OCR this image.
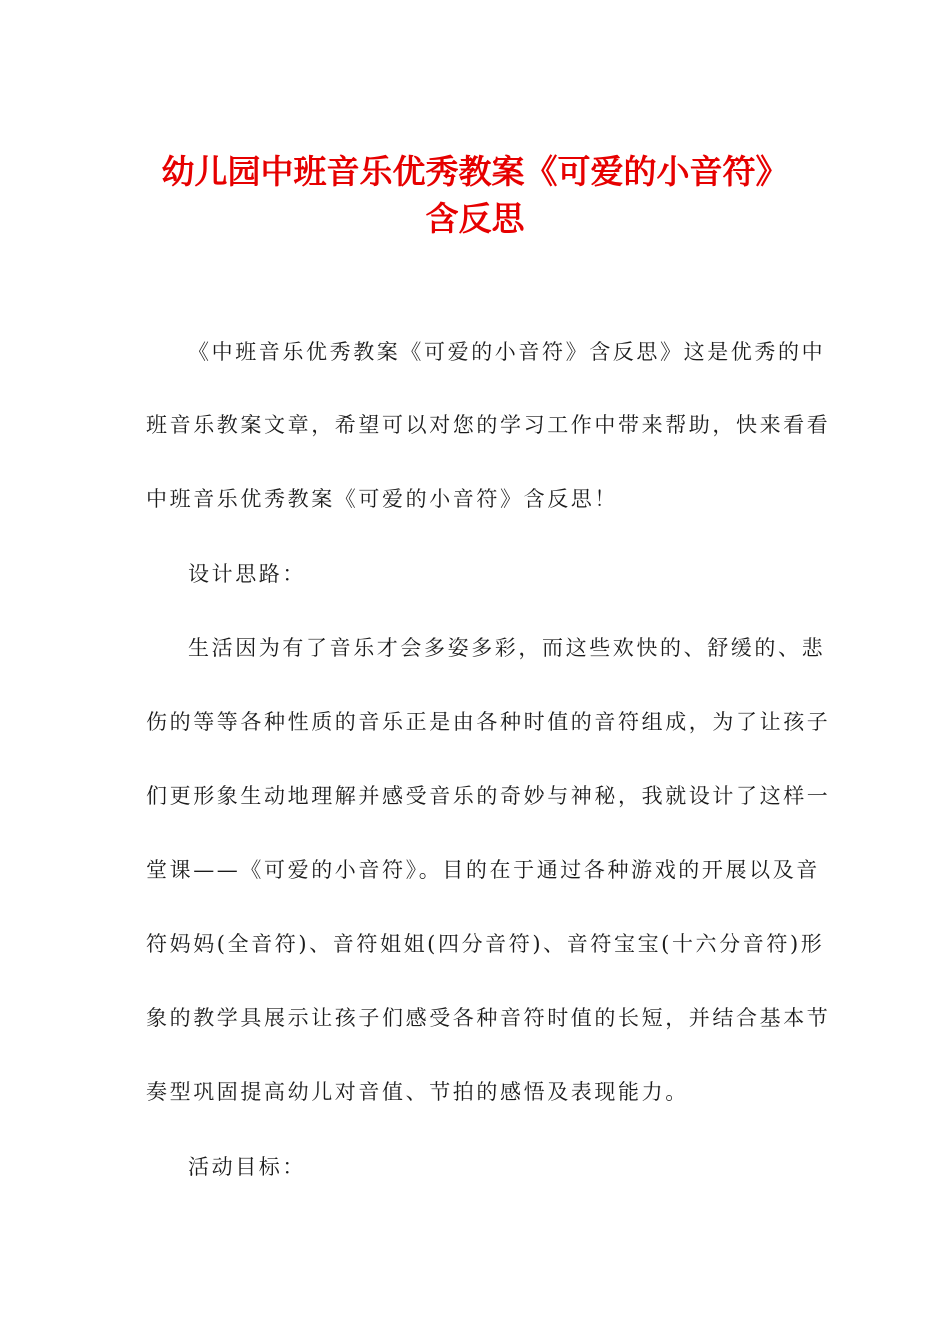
幼儿园中班音乐优秀教案《可爱的小音符》
含反思

《中班音乐优秀教案《可爱的小音符》含反思》这是优秀的中

班音乐教案文章，希望可以对您的学习工作中带来帮助，快来看看

中班音乐优秀教案《可爱的小音符》含反思！

设计思路：

生活因为有了音乐才会多姿多彩，而这些欢快的、舒缓的、悲

伤的等等各种性质的音乐正是由各种时值的音符组成，为了让孩子

们更形象生动地理解并感受音乐的奇妙与神秘，我就设计了这样一

堂课——《可爱的小音符》。目的在于通过各种游戏的开展以及音

符妈妈(全音符)、音符姐姐(四分音符)、音符宝宝(十六分音符)形

象的教学具展示让孩子们感受各种音符时值的长短，并结合基本节

奏型巩固提高幼儿对音值、节拍的感悟及表现能力。

活动目标：
